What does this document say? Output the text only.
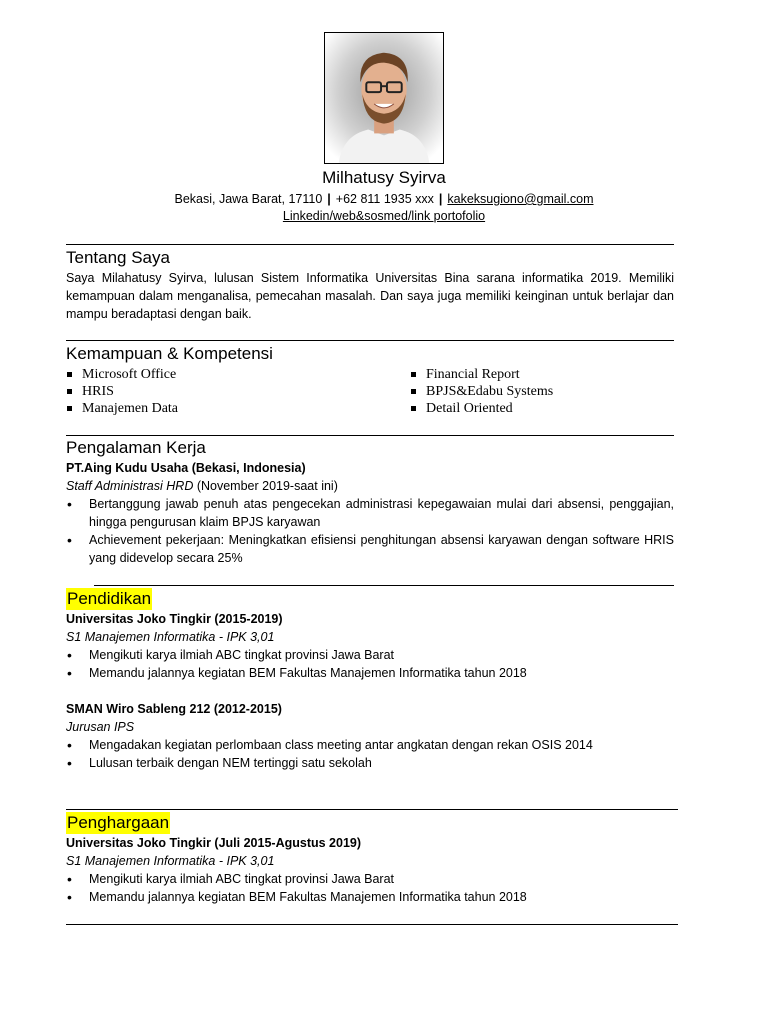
Milhatusy Syirva
Bekasi, Jawa Barat, 17110 | +62 811 1935 xxx | kakeksugiono@gmail.com
Linkedin/web&sosmed/link portofolio
Tentang Saya

Saya Milahatusy Syirva, lulusan Sistem Informatika Universitas Bina sarana informatika 2019. Memiliki kemampuan dalam menganalisa, pemecahan masalah. Dan saya juga memiliki keinginan untuk berlajar dan mampu beradaptasi dengan baik.

Kemampuan & Kompetensi
Microsoft Office
HRIS
Manajemen Data
Financial Report
BPJS&Edabu Systems
Detail Oriented
Pengalaman Kerja
PT.Aing Kudu Usaha (Bekasi, Indonesia)
Staff Administrasi HRD (November 2019-saat ini)
• Bertanggung jawab penuh atas pengecekan administrasi kepegawaian mulai dari absensi, penggajian, hingga pengurusan klaim BPJS karyawan
• Achievement pekerjaan: Meningkatkan efisiensi penghitungan absensi karyawan dengan software HRIS yang didevelop secara 25%
Pendidikan
Universitas Joko Tingkir (2015-2019)
S1 Manajemen Informatika - IPK 3,01
• Mengikuti karya ilmiah ABC tingkat provinsi Jawa Barat
• Memandu jalannya kegiatan BEM Fakultas Manajemen Informatika tahun 2018
SMAN Wiro Sableng 212 (2012-2015)
Jurusan IPS
• Mengadakan kegiatan perlombaan class meeting antar angkatan dengan rekan OSIS 2014
• Lulusan terbaik dengan NEM tertinggi satu sekolah
Penghargaan
Universitas Joko Tingkir (Juli 2015-Agustus 2019)
S1 Manajemen Informatika - IPK 3,01
• Mengikuti karya ilmiah ABC tingkat provinsi Jawa Barat
• Memandu jalannya kegiatan BEM Fakultas Manajemen Informatika tahun 2018
